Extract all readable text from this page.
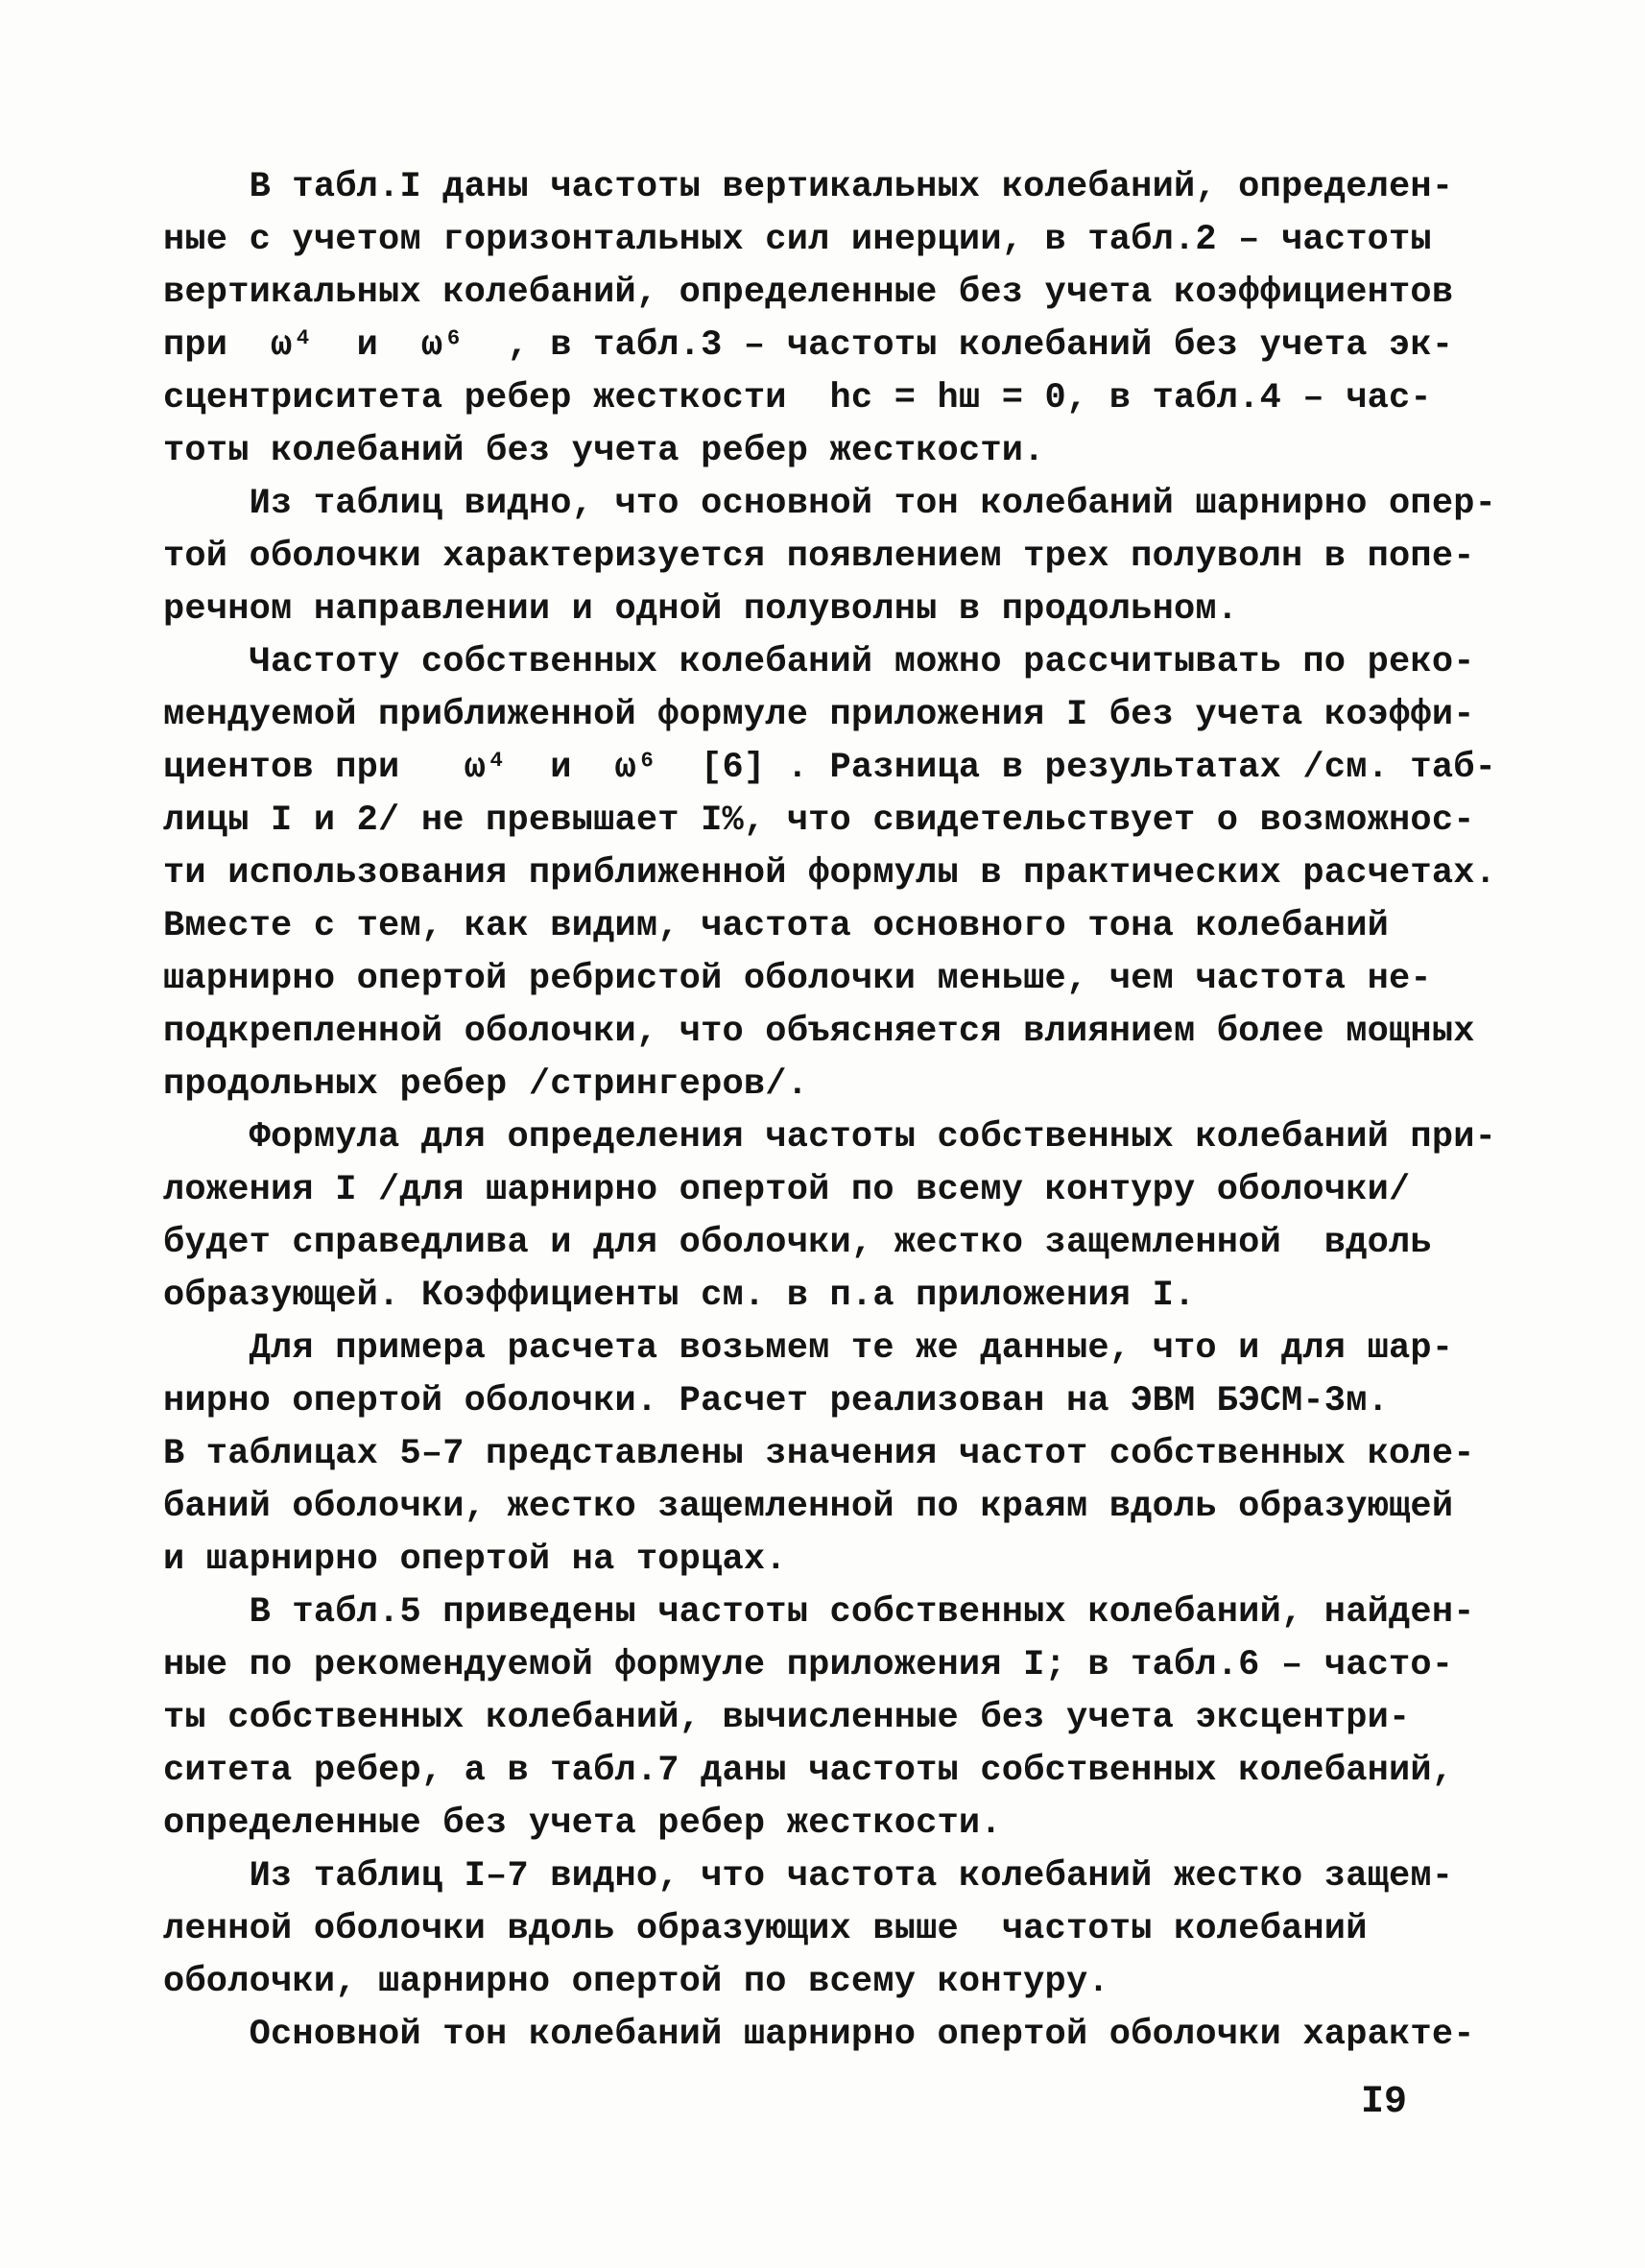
В табл.I даны частоты вертикальных колебаний, определен-
ные с учетом горизонтальных сил инерции, в табл.2 – частоты
вертикальных колебаний, определенные без учета коэффициентов
при  ω⁴  и  ω⁶  , в табл.3 – частоты колебаний без учета эк-
сцентриситета ребер жесткости  hс = hш = 0, в табл.4 – час-
тоты колебаний без учета ребер жесткости.
Из таблиц видно, что основной тон колебаний шарнирно опер-
той оболочки характеризуется появлением трех полуволн в попе-
речном направлении и одной полуволны в продольном.
Частоту собственных колебаний можно рассчитывать по реко-
мендуемой приближенной формуле приложения I без учета коэффи-
циентов при   ω⁴  и  ω⁶  [6] . Разница в результатах /см. таб-
лицы I и 2/ не превышает I%, что свидетельствует о возможнос-
ти использования приближенной формулы в практических расчетах.
Вместе с тем, как видим, частота основного тона колебаний
шарнирно опертой ребристой оболочки меньше, чем частота не-
подкрепленной оболочки, что объясняется влиянием более мощных
продольных ребер /стрингеров/.
Формула для определения частоты собственных колебаний при-
ложения I /для шарнирно опертой по всему контуру оболочки/
будет справедлива и для оболочки, жестко защемленной  вдоль
образующей. Коэффициенты см. в п.а приложения I.
Для примера расчета возьмем те же данные, что и для шар-
нирно опертой оболочки. Расчет реализован на ЭВМ БЭСМ-3м.
В таблицах 5–7 представлены значения частот собственных коле-
баний оболочки, жестко защемленной по краям вдоль образующей
и шарнирно опертой на торцах.
В табл.5 приведены частоты собственных колебаний, найден-
ные по рекомендуемой формуле приложения I; в табл.6 – часто-
ты собственных колебаний, вычисленные без учета эксцентри-
ситета ребер, а в табл.7 даны частоты собственных колебаний,
определенные без учета ребер жесткости.
Из таблиц I–7 видно, что частота колебаний жестко защем-
ленной оболочки вдоль образующих выше  частоты колебаний
оболочки, шарнирно опертой по всему контуру.
Основной тон колебаний шарнирно опертой оболочки характе-
I9
